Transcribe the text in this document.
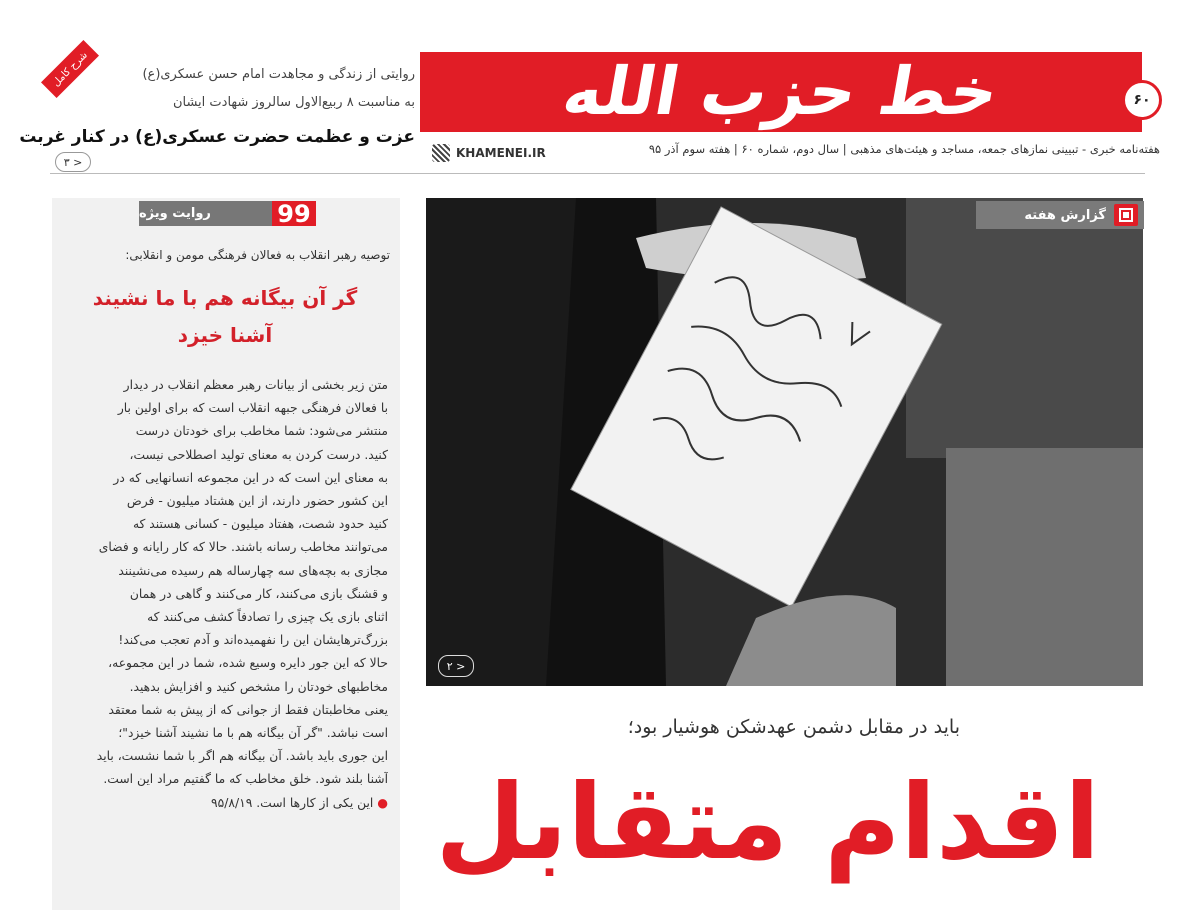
خط حزب الله	۶۰
هفته‌نامه خبری - تبیینی نمازهای جمعه، مساجد و هیئت‌های مذهبی | سال دوم، شماره ۶۰ | هفته سوم آذر ۹۵
KHAMENEI.IR
روایتی از زندگی و مجاهدت امام حسن عسکری(ع)
به مناسبت ۸ ربیع‌الاول سالروز شهادت ایشان
عزت و عظمت حضرت عسکری(ع) در کنار غربت
شرح کامل
۳ >
روایت ویژه	99
توصیه رهبر انقلاب به فعالان فرهنگی مومن و انقلابی:
گر آن بیگانه هم با ما نشیند
آشنا خیزد

متن زیر بخشی از بیانات رهبر معظم انقلاب در دیدار

با فعالان فرهنگی جبهه انقلاب است که برای اولین بار

منتشر می‌شود: شما مخاطب برای خودتان درست

کنید. درست کردن به معنای تولید اصطلاحی نیست،

به معنای این است که در این مجموعه انسانهایی که در

این کشور حضور دارند، از این هشتاد میلیون - فرض

کنید حدود شصت، هفتاد میلیون - کسانی هستند که

می‌توانند مخاطب رسانه باشند. حالا که کار رایانه و فضای

مجازی به بچه‌های سه چهارساله هم رسیده می‌نشینند

و قشنگ بازی می‌کنند، کار می‌کنند و گاهی در همان

اثنای بازی یک چیزی را تصادفاً کشف می‌کنند که

بزرگ‌ترهایشان این را نفهمیده‌اند و آدم تعجب می‌کند!

حالا که این جور دایره وسیع شده، شما در این مجموعه،

مخاطبهای خودتان را مشخص کنید و افزایش بدهید.

یعنی مخاطبتان فقط از جوانی که از پیش به شما معتقد

است نباشد. "گر آن بیگانه هم با ما نشیند آشنا خیزد"؛

این جوری باید باشد. آن بیگانه هم اگر با شما نشست، باید

آشنا بلند شود. خلق مخاطب که ما گفتیم مراد این است.

● این یکی از کارها است. ۹۵/۸/۱۹

گزارش هفته
۲ >
باید در مقابل دشمن عهدشکن هوشیار بود؛
اقدام متقابل
